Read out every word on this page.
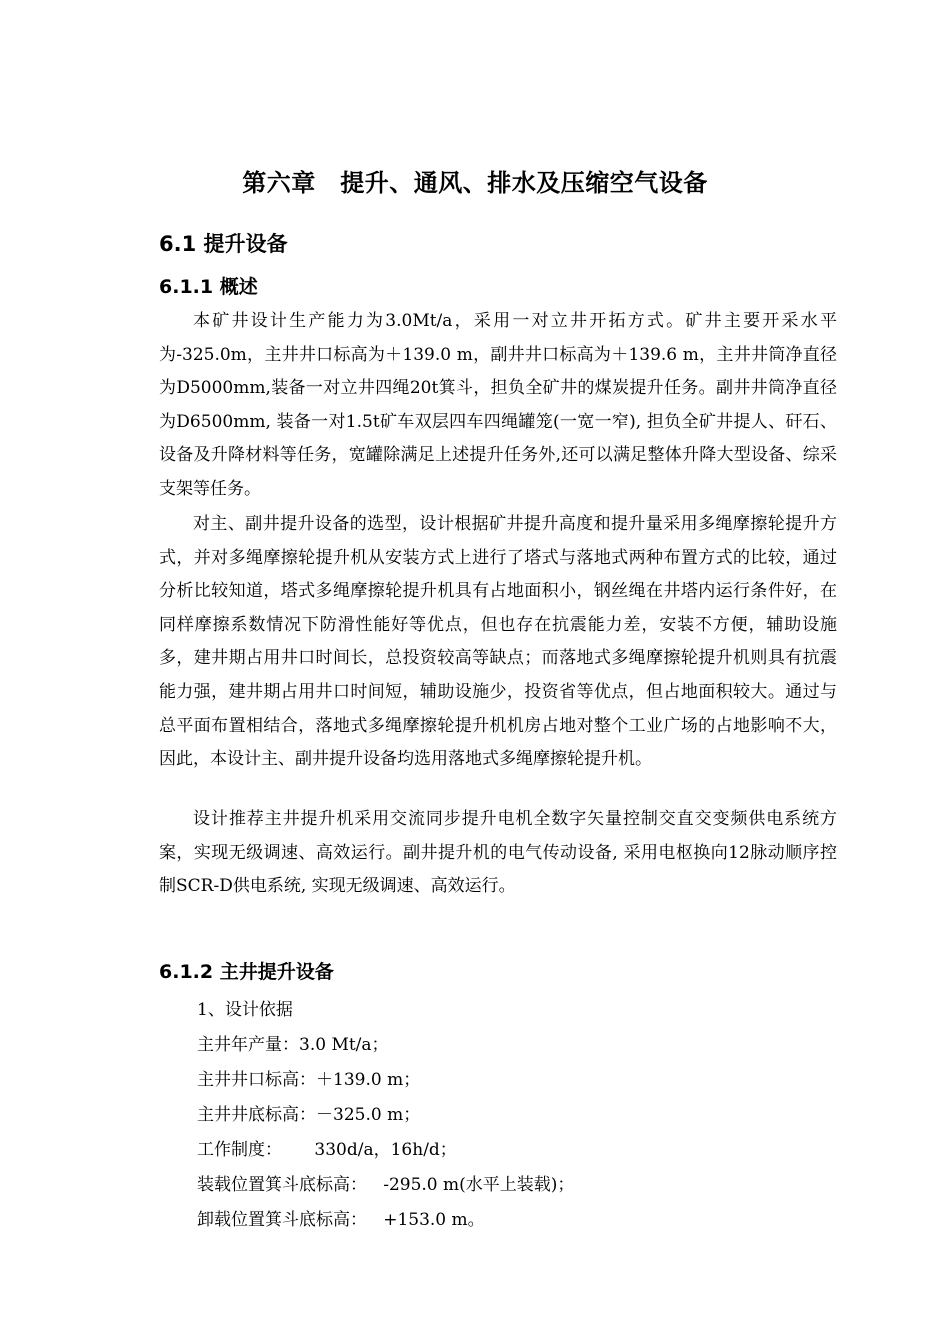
第六章　提升、通风、排水及压缩空气设备
6.1 提升设备
6.1.1 概述

本矿井设计生产能力为3.0Mt/a，采用一对立井开拓方式。矿井主要开采水平为-325.0m，主井井口标高为＋139.0 m，副井井口标高为＋139.6 m，主井井筒净直径为D5000mm,装备一对立井四绳20t箕斗，担负全矿井的煤炭提升任务。副井井筒净直径为D6500mm, 装备一对1.5t矿车双层四车四绳罐笼(一宽一窄), 担负全矿井提人、矸石、设备及升降材料等任务，宽罐除满足上述提升任务外,还可以满足整体升降大型设备、综采支架等任务。

对主、副井提升设备的选型，设计根据矿井提升高度和提升量采用多绳摩擦轮提升方式，并对多绳摩擦轮提升机从安装方式上进行了塔式与落地式两种布置方式的比较，通过分析比较知道，塔式多绳摩擦轮提升机具有占地面积小，钢丝绳在井塔内运行条件好，在同样摩擦系数情况下防滑性能好等优点，但也存在抗震能力差，安装不方便，辅助设施多，建井期占用井口时间长，总投资较高等缺点；而落地式多绳摩擦轮提升机则具有抗震能力强，建井期占用井口时间短，辅助设施少，投资省等优点，但占地面积较大。通过与总平面布置相结合，落地式多绳摩擦轮提升机机房占地对整个工业广场的占地影响不大，因此，本设计主、副井提升设备均选用落地式多绳摩擦轮提升机。

设计推荐主井提升机采用交流同步提升电机全数字矢量控制交直交变频供电系统方案，实现无级调速、高效运行。副井提升机的电气传动设备, 采用电枢换向12脉动顺序控制SCR-D供电系统, 实现无级调速、高效运行。

6.1.2 主井提升设备
1、设计依据
主井年产量：3.0 Mt/a；
主井井口标高：＋139.0 m；
主井井底标高：－325.0 m；
工作制度：      330d/a，16h/d；
装载位置箕斗底标高：   -295.0 m(水平上装载)；
卸载位置箕斗底标高：   +153.0 m。
